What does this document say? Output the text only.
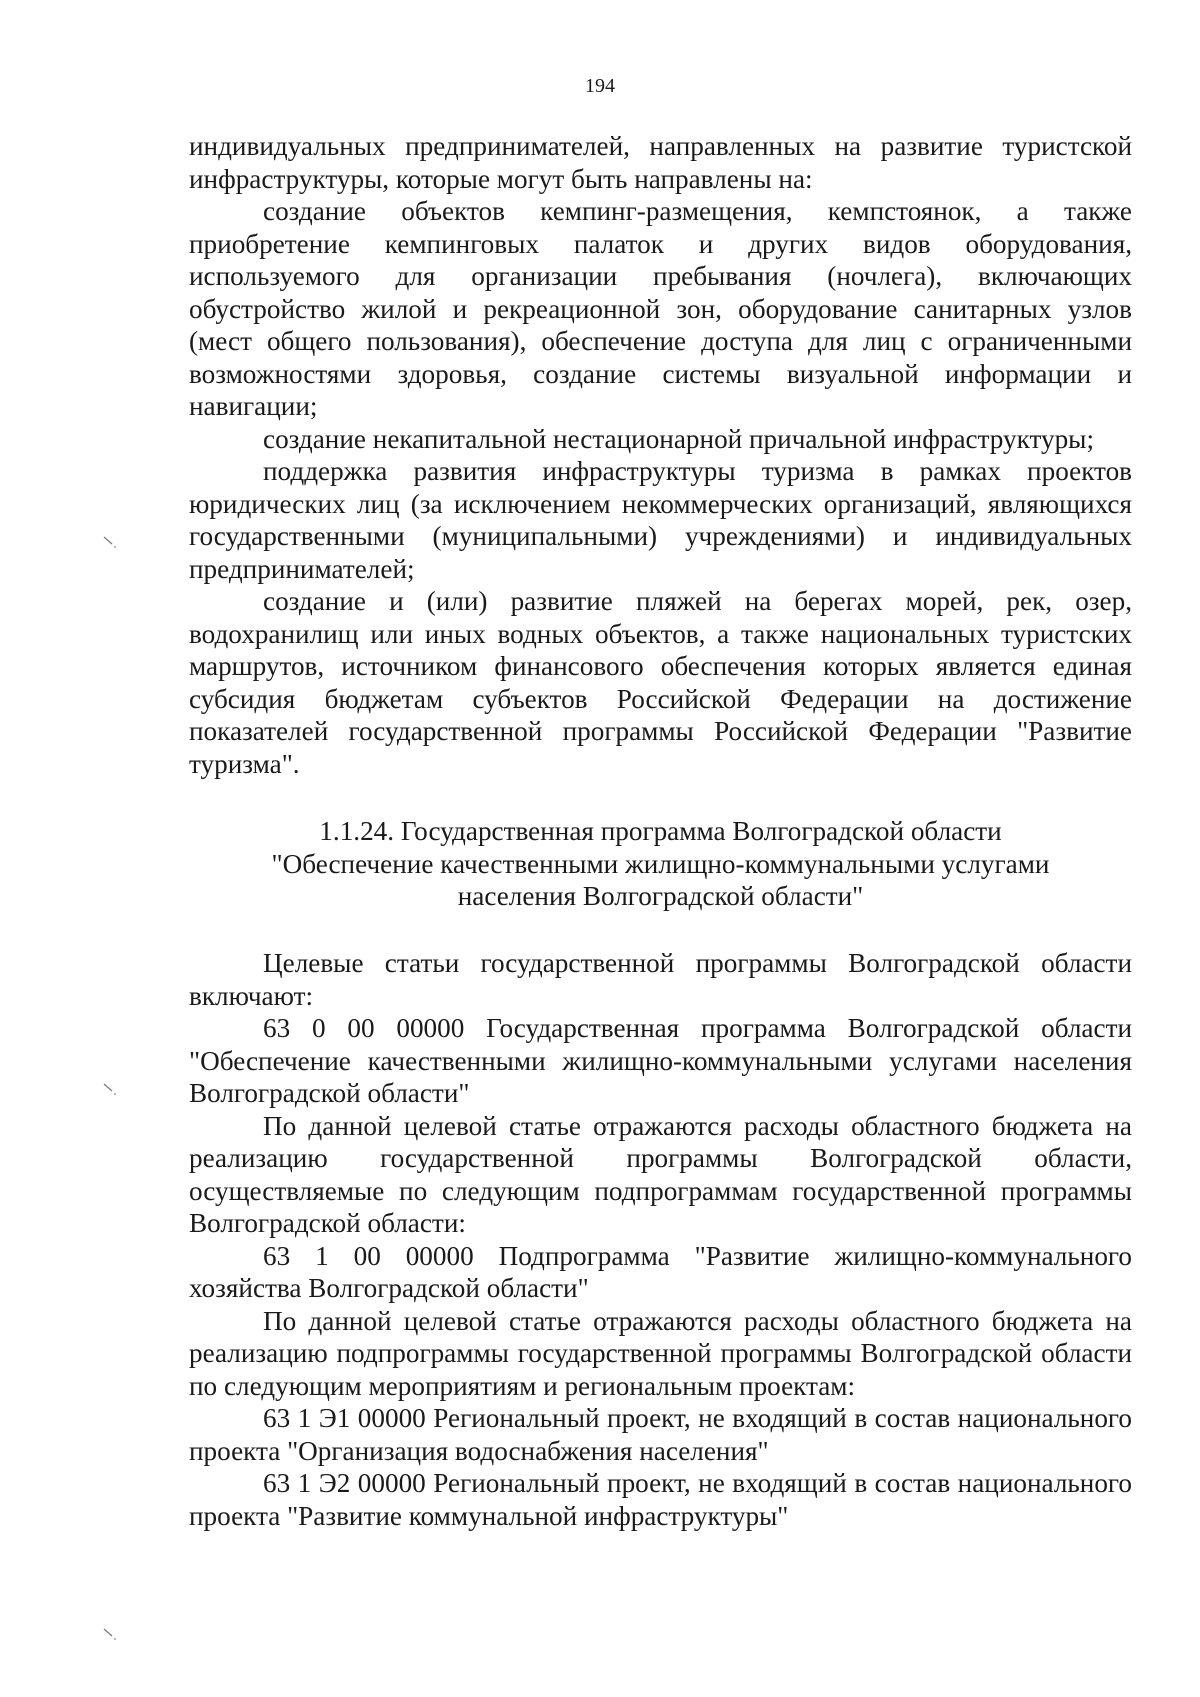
194

индивидуальных предпринимателей, направленных на развитие туристской инфраструктуры, которые могут быть направлены на:

создание объектов кемпинг-размещения, кемпстоянок, а также приобретение кемпинговых палаток и других видов оборудования, используемого для организации пребывания (ночлега), включающих обустройство жилой и рекреационной зон, оборудование санитарных узлов (мест общего пользования), обеспечение доступа для лиц с ограниченными возможностями здоровья, создание системы визуальной информации и навигации;

создание некапитальной нестационарной причальной инфраструктуры;

поддержка развития инфраструктуры туризма в рамках проектов юридических лиц (за исключением некоммерческих организаций, являющихся государственными (муниципальными) учреждениями) и индивидуальных предпринимателей;

создание и (или) развитие пляжей на берегах морей, рек, озер, водохранилищ или иных водных объектов, а также национальных туристских маршрутов, источником финансового обеспечения которых является единая субсидия бюджетам субъектов Российской Федерации на достижение показателей государственной программы Российской Федерации "Развитие туризма".

1.1.24. Государственная программа Волгоградской области
"Обеспечение качественными жилищно-коммунальными услугами
населения Волгоградской области"

Целевые статьи государственной программы Волгоградской области включают:

63 0 00 00000 Государственная программа Волгоградской области "Обеспечение качественными жилищно-коммунальными услугами населения Волгоградской области"

По данной целевой статье отражаются расходы областного бюджета на реализацию государственной программы Волгоградской области, осуществляемые по следующим подпрограммам государственной программы Волгоградской области:

63 1 00 00000 Подпрограмма "Развитие жилищно-коммунального хозяйства Волгоградской области"

По данной целевой статье отражаются расходы областного бюджета на реализацию подпрограммы государственной программы Волгоградской области по следующим мероприятиям и региональным проектам:

63 1 Э1 00000 Региональный проект, не входящий в состав национального проекта "Организация водоснабжения населения"

63 1 Э2 00000 Региональный проект, не входящий в состав национального проекта "Развитие коммунальной инфраструктуры"
